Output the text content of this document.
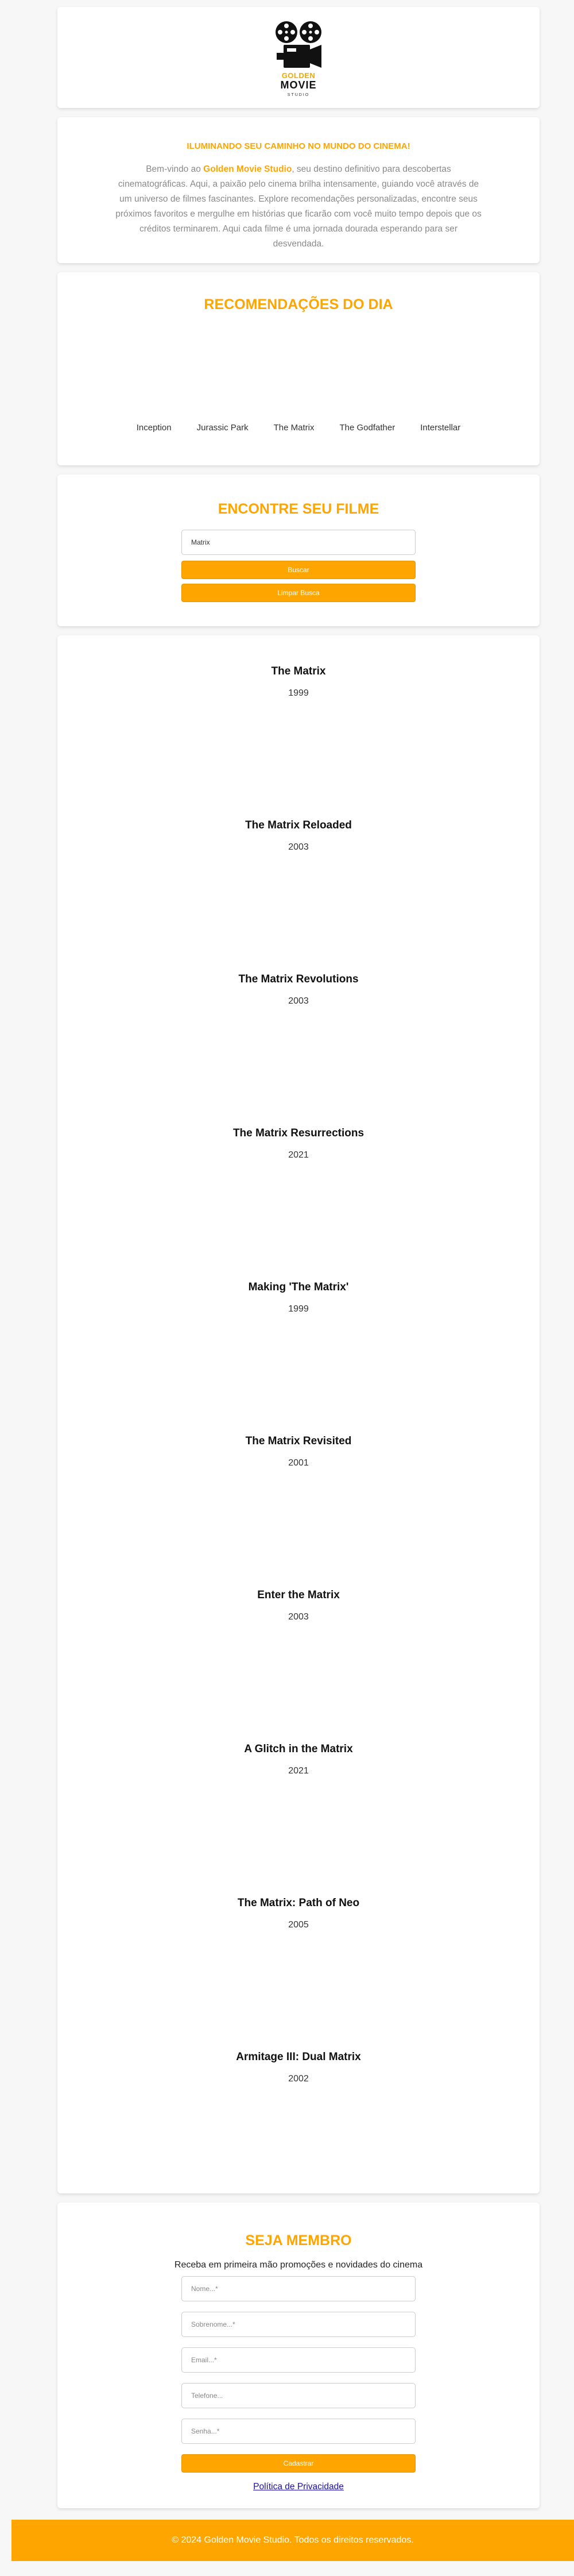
GOLDEN
MOVIE
STUDIO
ILUMINANDO SEU CAMINHO NO MUNDO DO CINEMA!
Bem-vindo ao Golden Movie Studio, seu destino definitivo para descobertas cinematográficas. Aqui, a paixão pelo cinema brilha intensamente, guiando você através de um universo de filmes fascinantes. Explore recomendações personalizadas, encontre seus próximos favoritos e mergulhe em histórias que ficarão com você muito tempo depois que os créditos terminarem. Aqui cada filme é uma jornada dourada esperando para ser desvendada.
RECOMENDAÇÕES DO DIA
Inception	Jurassic Park	The Matrix	The Godfather	Interstellar
ENCONTRE SEU FILME
Matrix
Buscar
Limpar Busca
The Matrix
1999
The Matrix Reloaded
2003
The Matrix Revolutions
2003
The Matrix Resurrections
2021
Making 'The Matrix'
1999
The Matrix Revisited
2001
Enter the Matrix
2003
A Glitch in the Matrix
2021
The Matrix: Path of Neo
2005
Armitage III: Dual Matrix
2002
SEJA MEMBRO
Receba em primeira mão promoções e novidades do cinema
Nome...*
Sobrenome...*
Email...*
Telefone...
Cadastrar
Política de Privacidade
© 2024 Golden Movie Studio. Todos os direitos reservados.
